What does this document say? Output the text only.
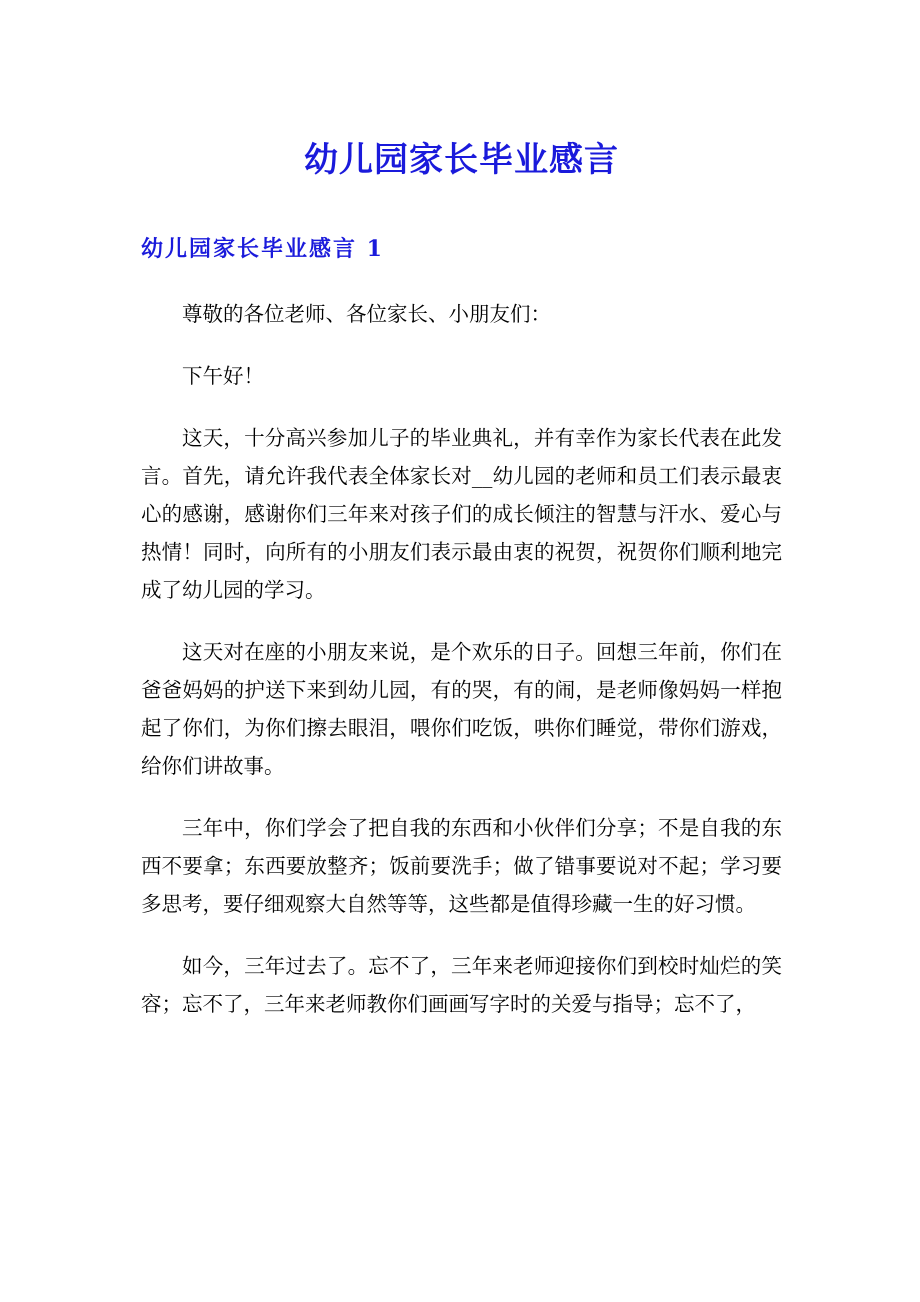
幼儿园家长毕业感言
幼儿园家长毕业感言 1

尊敬的各位老师、各位家长、小朋友们：

下午好！

这天，十分高兴参加儿子的毕业典礼，并有幸作为家长代表在此发言。首先，请允许我代表全体家长对__幼儿园的老师和员工们表示最衷心的感谢，感谢你们三年来对孩子们的成长倾注的智慧与汗水、爱心与热情！同时，向所有的小朋友们表示最由衷的祝贺，祝贺你们顺利地完成了幼儿园的学习。

这天对在座的小朋友来说，是个欢乐的日子。回想三年前，你们在爸爸妈妈的护送下来到幼儿园，有的哭，有的闹，是老师像妈妈一样抱起了你们，为你们擦去眼泪，喂你们吃饭，哄你们睡觉，带你们游戏，给你们讲故事。

三年中，你们学会了把自我的东西和小伙伴们分享；不是自我的东西不要拿；东西要放整齐；饭前要洗手；做了错事要说对不起；学习要多思考，要仔细观察大自然等等，这些都是值得珍藏一生的好习惯。

如今，三年过去了。忘不了，三年来老师迎接你们到校时灿烂的笑容；忘不了，三年来老师教你们画画写字时的关爱与指导；忘不了，
